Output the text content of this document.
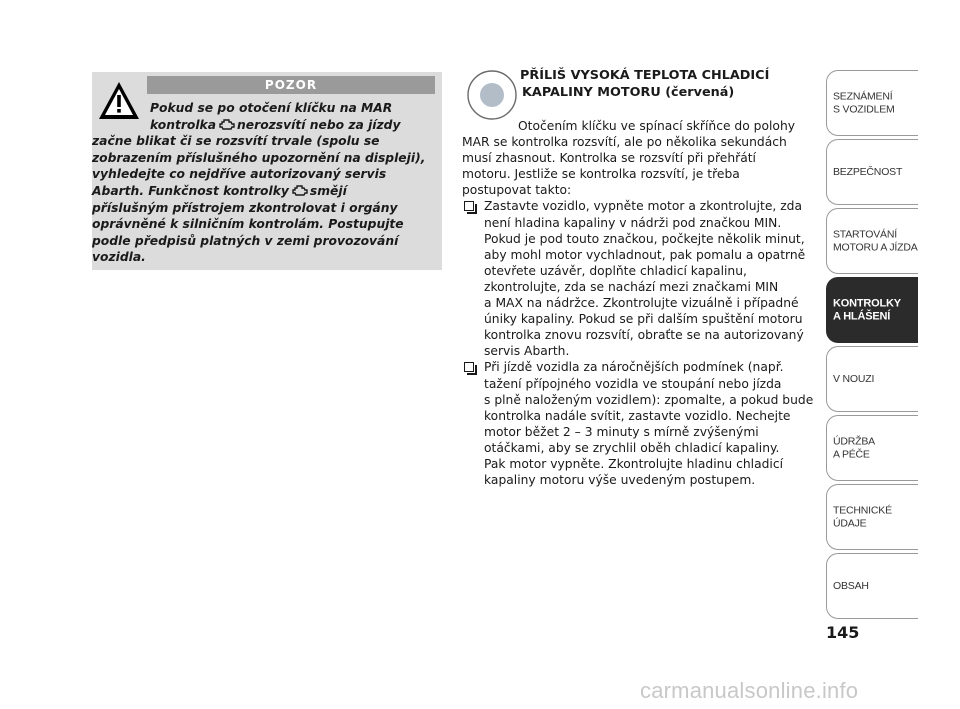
POZOR
Pokud se po otočení klíčku na MAR
kontrolka nerozsvítí nebo za jízdy
začne blikat či se rozsvítí trvale (spolu se
zobrazením příslušného upozornění na displeji),
vyhledejte co nejdříve autorizovaný servis
Abarth. Funkčnost kontrolky smějí
příslušným přístrojem zkontrolovat i orgány
oprávněné k silničním kontrolám. Postupujte
podle předpisů platných v zemi provozování
vozidla.
PŘÍLIŠ VYSOKÁ TEPLOTA CHLADICÍ
KAPALINY MOTORU (červená)
Otočením klíčku ve spínací skříňce do polohy
MAR se kontrolka rozsvítí, ale po několika sekundách
musí zhasnout. Kontrolka se rozsvítí při přehřátí
motoru. Jestliže se kontrolka rozsvítí, je třeba
postupovat takto:
Zastavte vozidlo, vypněte motor a zkontrolujte, zda
není hladina kapaliny v nádrži pod značkou MIN.
Pokud je pod touto značkou, počkejte několik minut,
aby mohl motor vychladnout, pak pomalu a opatrně
otevřete uzávěr, doplňte chladicí kapalinu,
zkontrolujte, zda se nachází mezi značkami MIN
a MAX na nádržce. Zkontrolujte vizuálně i případné
úniky kapaliny. Pokud se při dalším spuštění motoru
kontrolka znovu rozsvítí, obraťte se na autorizovaný
servis Abarth.
Při jízdě vozidla za náročnějších podmínek (např.
tažení přípojného vozidla ve stoupání nebo jízda
s plně naloženým vozidlem): zpomalte, a pokud bude
kontrolka nadále svítit, zastavte vozidlo. Nechejte
motor běžet 2 – 3 minuty s mírně zvýšenými
otáčkami, aby se zrychlil oběh chladicí kapaliny.
Pak motor vypněte. Zkontrolujte hladinu chladicí
kapaliny motoru výše uvedeným postupem.
SEZNÁMENÍ
S VOZIDLEM
BEZPEČNOST
STARTOVÁNÍ
MOTORU A JÍZDA
KONTROLKY
A HLÁŠENÍ
V NOUZI
ÚDRŽBA
A PÉČE
TECHNICKÉ
ÚDAJE
OBSAH
145
carmanualsonline.info
